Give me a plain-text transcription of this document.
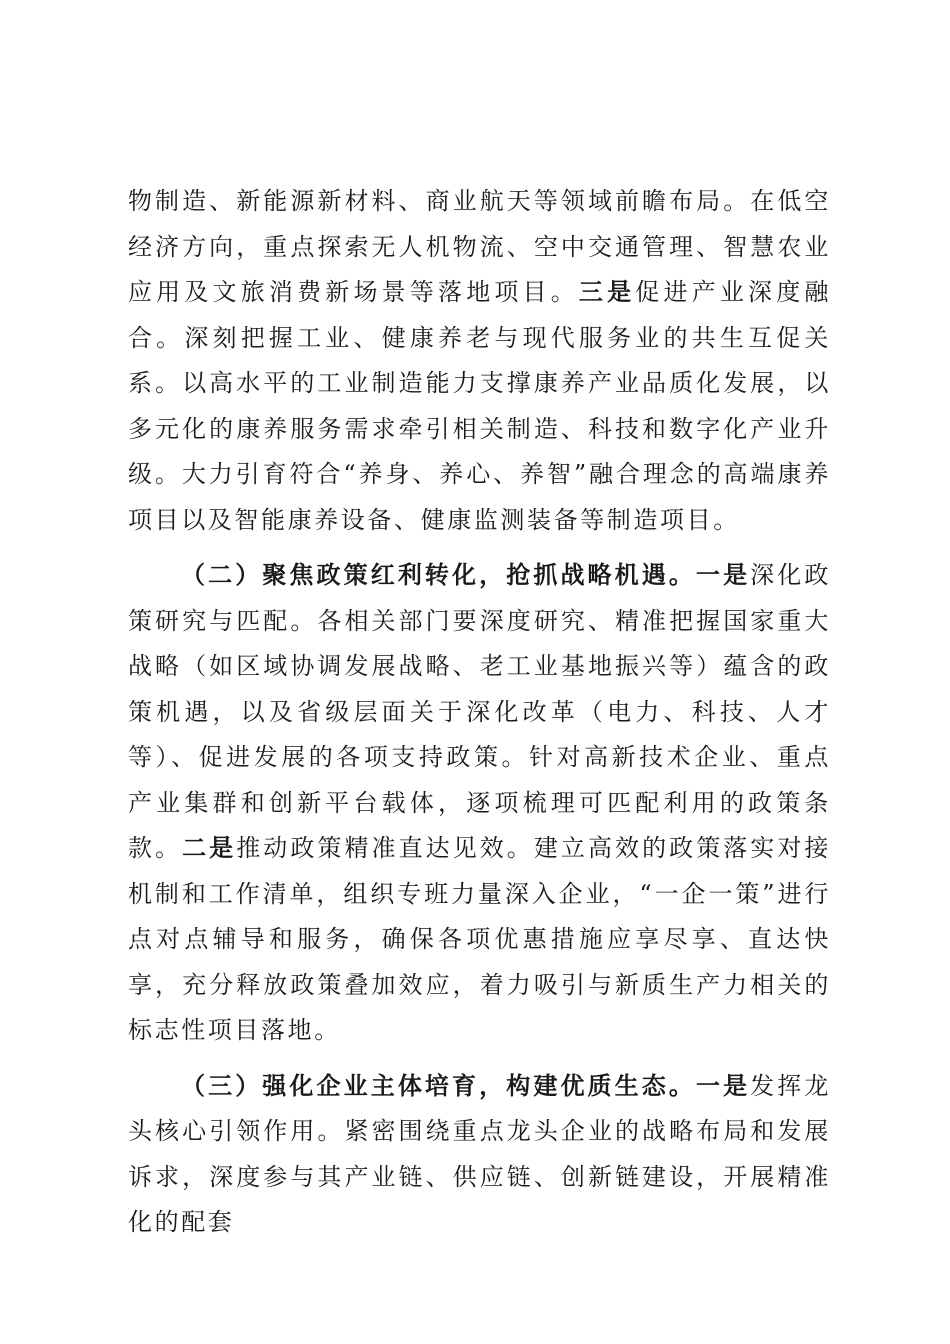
物制造、新能源新材料、商业航天等领域前瞻布局。在低空经济方向，重点探索无人机物流、空中交通管理、智慧农业应用及文旅消费新场景等落地项目。三是促进产业深度融合。深刻把握工业、健康养老与现代服务业的共生互促关系。以高水平的工业制造能力支撑康养产业品质化发展，以多元化的康养服务需求牵引相关制造、科技和数字化产业升级。大力引育符合“养身、养心、养智”融合理念的高端康养项目以及智能康养设备、健康监测装备等制造项目。

（二）聚焦政策红利转化，抢抓战略机遇。一是深化政策研究与匹配。各相关部门要深度研究、精准把握国家重大战略（如区域协调发展战略、老工业基地振兴等）蕴含的政策机遇，以及省级层面关于深化改革（电力、科技、人才等）、促进发展的各项支持政策。针对高新技术企业、重点产业集群和创新平台载体，逐项梳理可匹配利用的政策条款。二是推动政策精准直达见效。建立高效的政策落实对接机制和工作清单，组织专班力量深入企业，“一企一策”进行点对点辅导和服务，确保各项优惠措施应享尽享、直达快享，充分释放政策叠加效应，着力吸引与新质生产力相关的标志性项目落地。

（三）强化企业主体培育，构建优质生态。一是发挥龙头核心引领作用。紧密围绕重点龙头企业的战略布局和发展诉求，深度参与其产业链、供应链、创新链建设，开展精准化的配套
